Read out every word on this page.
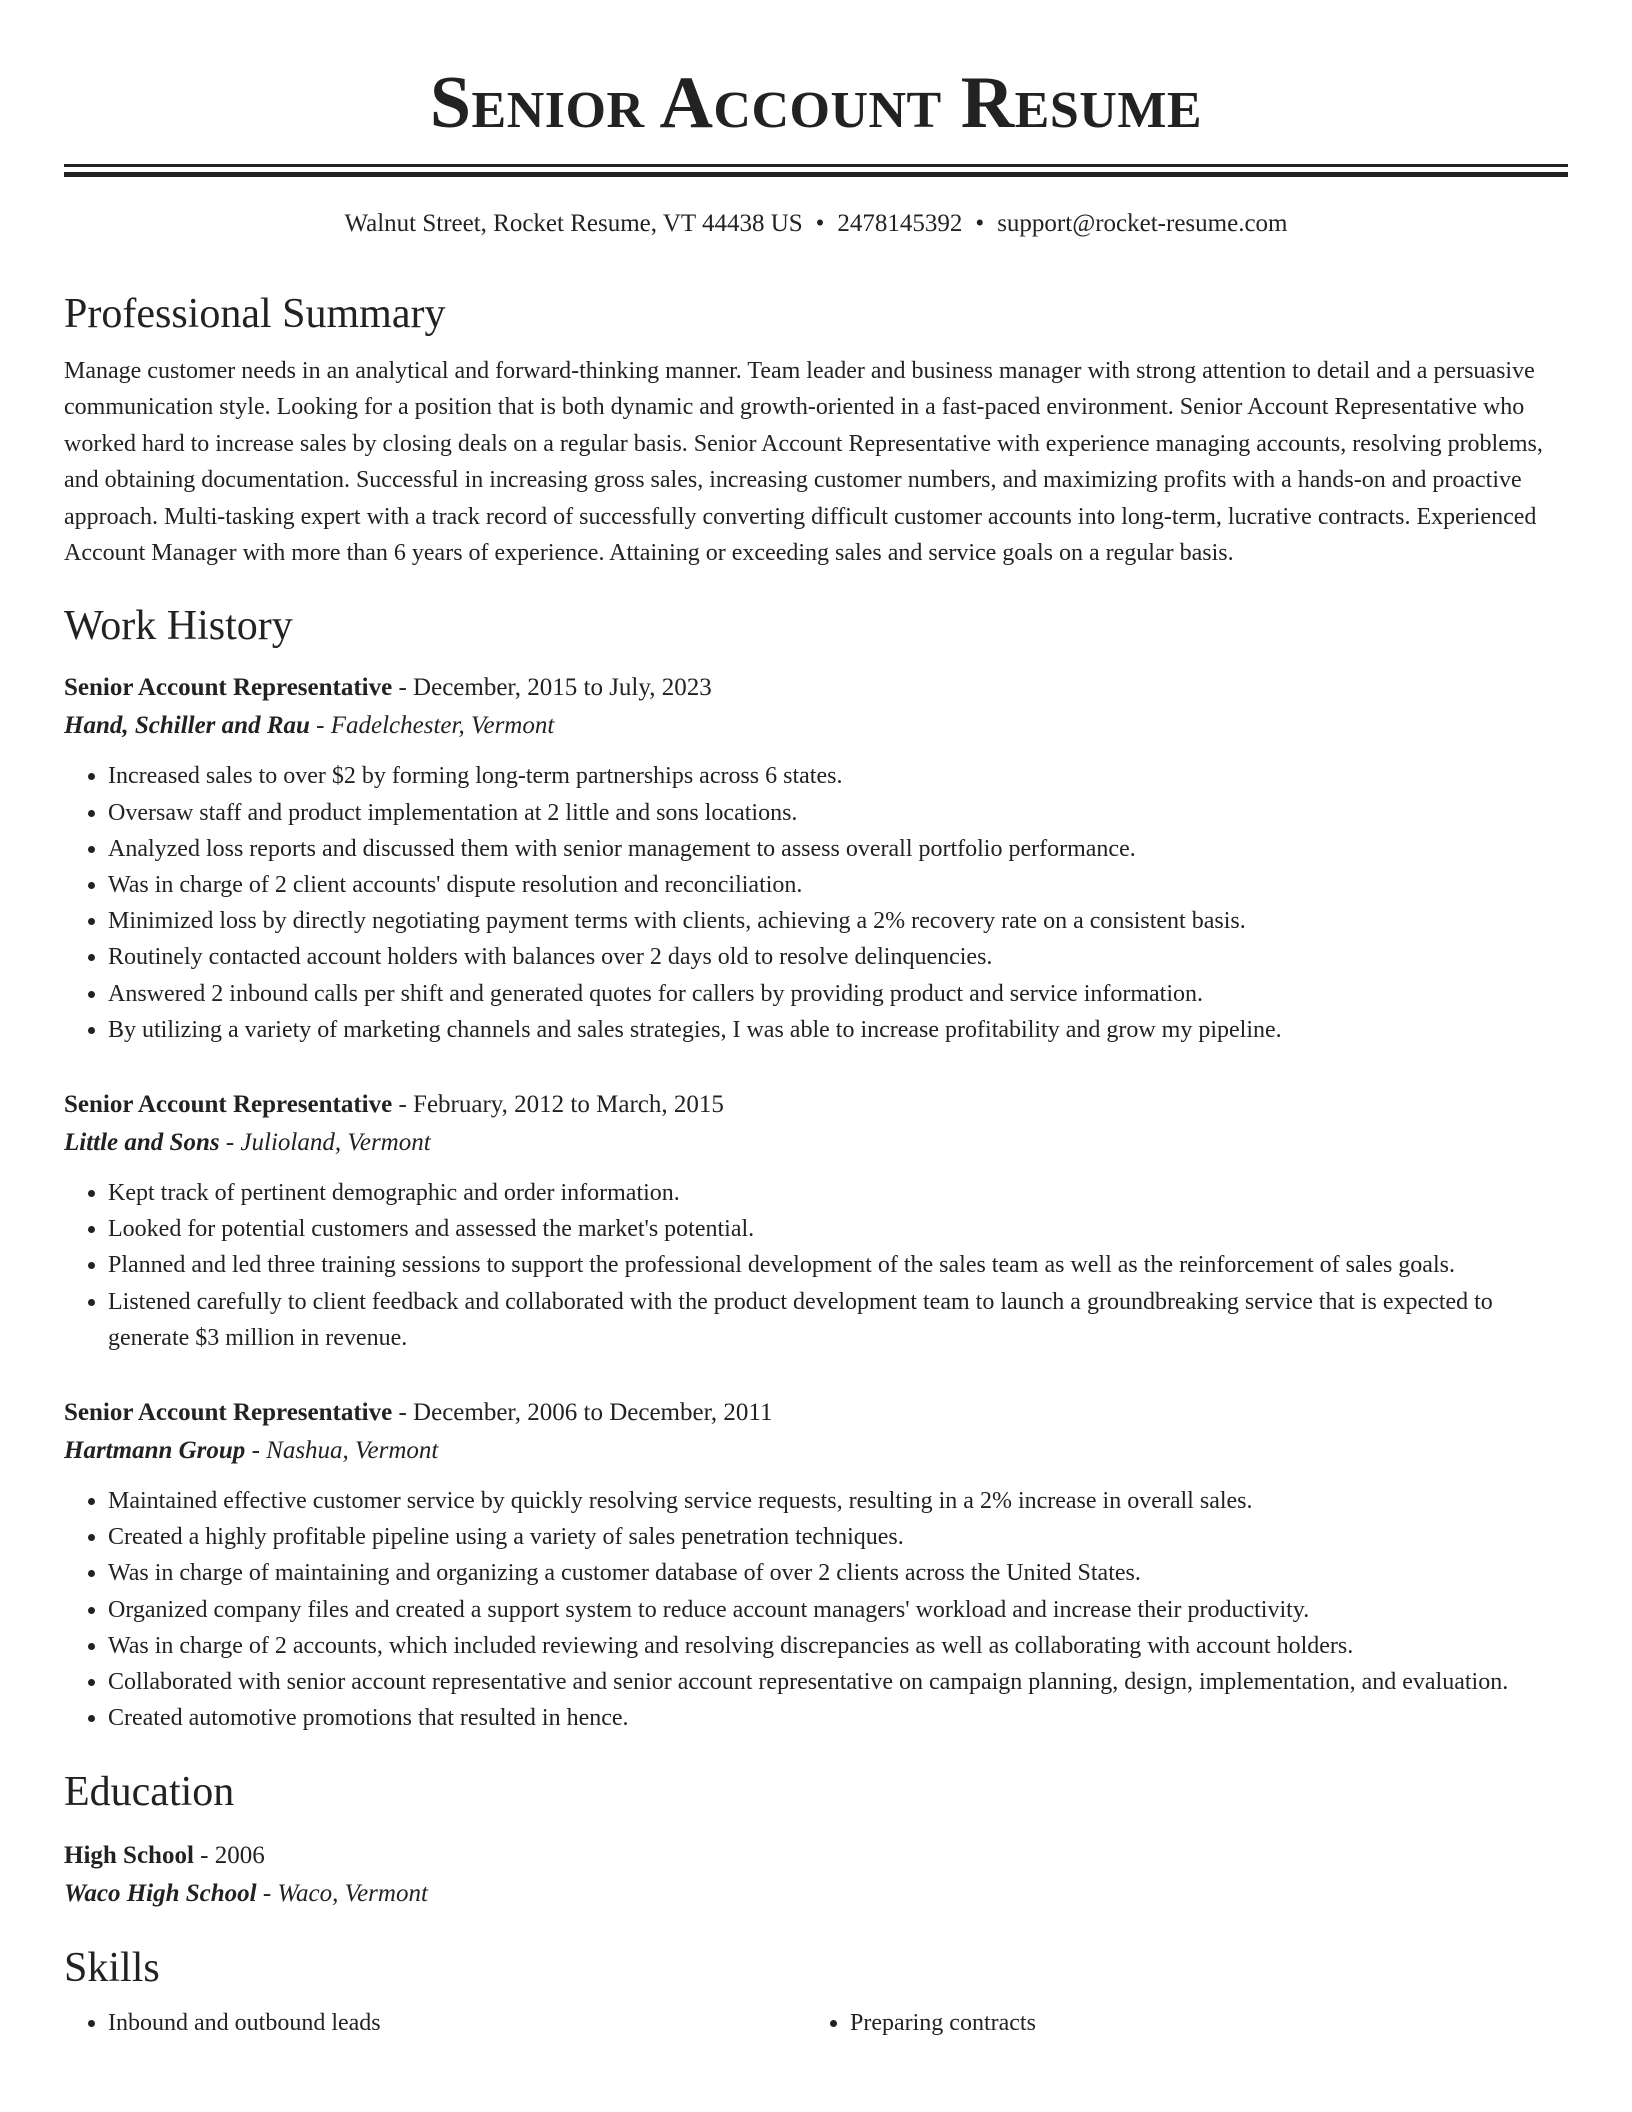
Senior Account Resume
Walnut Street, Rocket Resume, VT 44438 US • 2478145392 • support@rocket-resume.com
Professional Summary

Manage customer needs in an analytical and forward-thinking manner. Team leader and business manager with strong attention to detail and a persuasive communication style. Looking for a position that is both dynamic and growth-oriented in a fast-paced environment. Senior Account Representative who worked hard to increase sales by closing deals on a regular basis. Senior Account Representative with experience managing accounts, resolving problems, and obtaining documentation. Successful in increasing gross sales, increasing customer numbers, and maximizing profits with a hands-on and proactive approach. Multi-tasking expert with a track record of successfully converting difficult customer accounts into long-term, lucrative contracts. Experienced Account Manager with more than 6 years of experience. Attaining or exceeding sales and service goals on a regular basis.

Work History
Senior Account Representative - December, 2015 to July, 2023
Hand, Schiller and Rau - Fadelchester, Vermont
• Increased sales to over $2 by forming long-term partnerships across 6 states.
• Oversaw staff and product implementation at 2 little and sons locations.
• Analyzed loss reports and discussed them with senior management to assess overall portfolio performance.
• Was in charge of 2 client accounts' dispute resolution and reconciliation.
• Minimized loss by directly negotiating payment terms with clients, achieving a 2% recovery rate on a consistent basis.
• Routinely contacted account holders with balances over 2 days old to resolve delinquencies.
• Answered 2 inbound calls per shift and generated quotes for callers by providing product and service information.
• By utilizing a variety of marketing channels and sales strategies, I was able to increase profitability and grow my pipeline.
Senior Account Representative - February, 2012 to March, 2015
Little and Sons - Julioland, Vermont
• Kept track of pertinent demographic and order information.
• Looked for potential customers and assessed the market's potential.
• Planned and led three training sessions to support the professional development of the sales team as well as the reinforcement of sales goals.
• Listened carefully to client feedback and collaborated with the product development team to launch a groundbreaking service that is expected to generate $3 million in revenue.
Senior Account Representative - December, 2006 to December, 2011
Hartmann Group - Nashua, Vermont
• Maintained effective customer service by quickly resolving service requests, resulting in a 2% increase in overall sales.
• Created a highly profitable pipeline using a variety of sales penetration techniques.
• Was in charge of maintaining and organizing a customer database of over 2 clients across the United States.
• Organized company files and created a support system to reduce account managers' workload and increase their productivity.
• Was in charge of 2 accounts, which included reviewing and resolving discrepancies as well as collaborating with account holders.
• Collaborated with senior account representative and senior account representative on campaign planning, design, implementation, and evaluation.
• Created automotive promotions that resulted in hence.
Education
High School - 2006
Waco High School - Waco, Vermont
Skills
• Inbound and outbound leads
•	Preparing contracts
